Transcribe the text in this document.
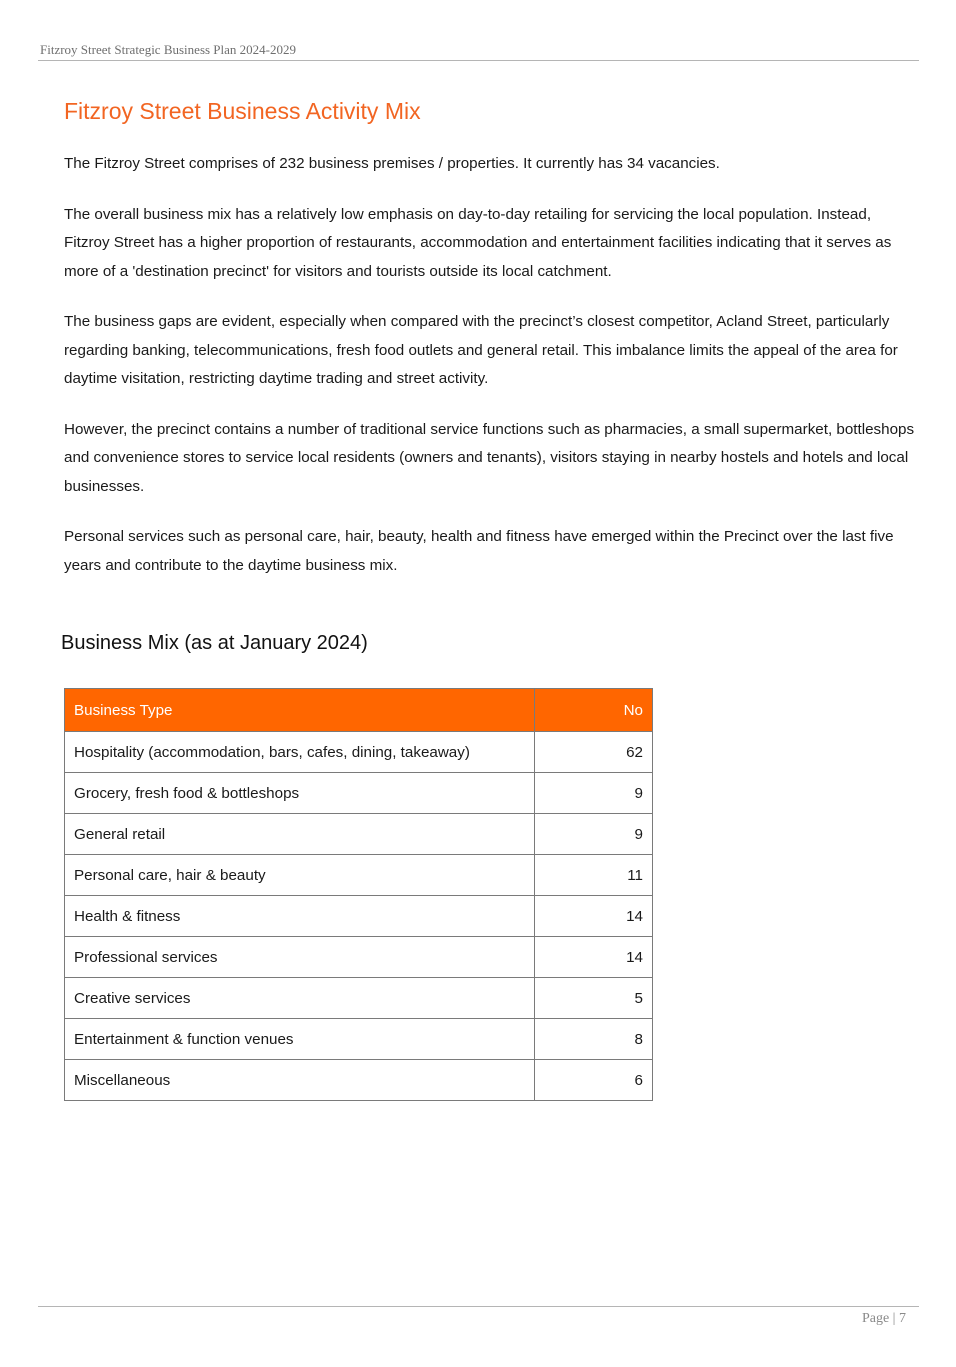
Fitzroy Street Strategic Business Plan 2024-2029
Fitzroy Street Business Activity Mix

The Fitzroy Street comprises of 232 business premises / properties. It currently has 34 vacancies.

The overall business mix has a relatively low emphasis on day-to-day retailing for servicing the local population. Instead, Fitzroy Street has a higher proportion of restaurants, accommodation and entertainment facilities indicating that it serves as more of a 'destination precinct' for visitors and tourists outside its local catchment.

The business gaps are evident, especially when compared with the precinct’s closest competitor, Acland Street, particularly regarding banking, telecommunications, fresh food outlets and general retail. This imbalance limits the appeal of the area for daytime visitation, restricting daytime trading and street activity.

However, the precinct contains a number of traditional service functions such as pharmacies, a small supermarket, bottleshops and convenience stores to service local residents (owners and tenants), visitors staying in nearby hostels and hotels and local businesses.

Personal services such as personal care, hair, beauty, health and fitness have emerged within the Precinct over the last five years and contribute to the daytime business mix.

Business Mix (as at January 2024)
Business Type	No
Hospitality (accommodation, bars, cafes, dining, takeaway)	62
Grocery, fresh food & bottleshops	9
General retail	9
Personal care, hair & beauty	11
Health & fitness	14
Professional services	14
Creative services	5
Entertainment & function venues	8
Miscellaneous	6
Page | 7
